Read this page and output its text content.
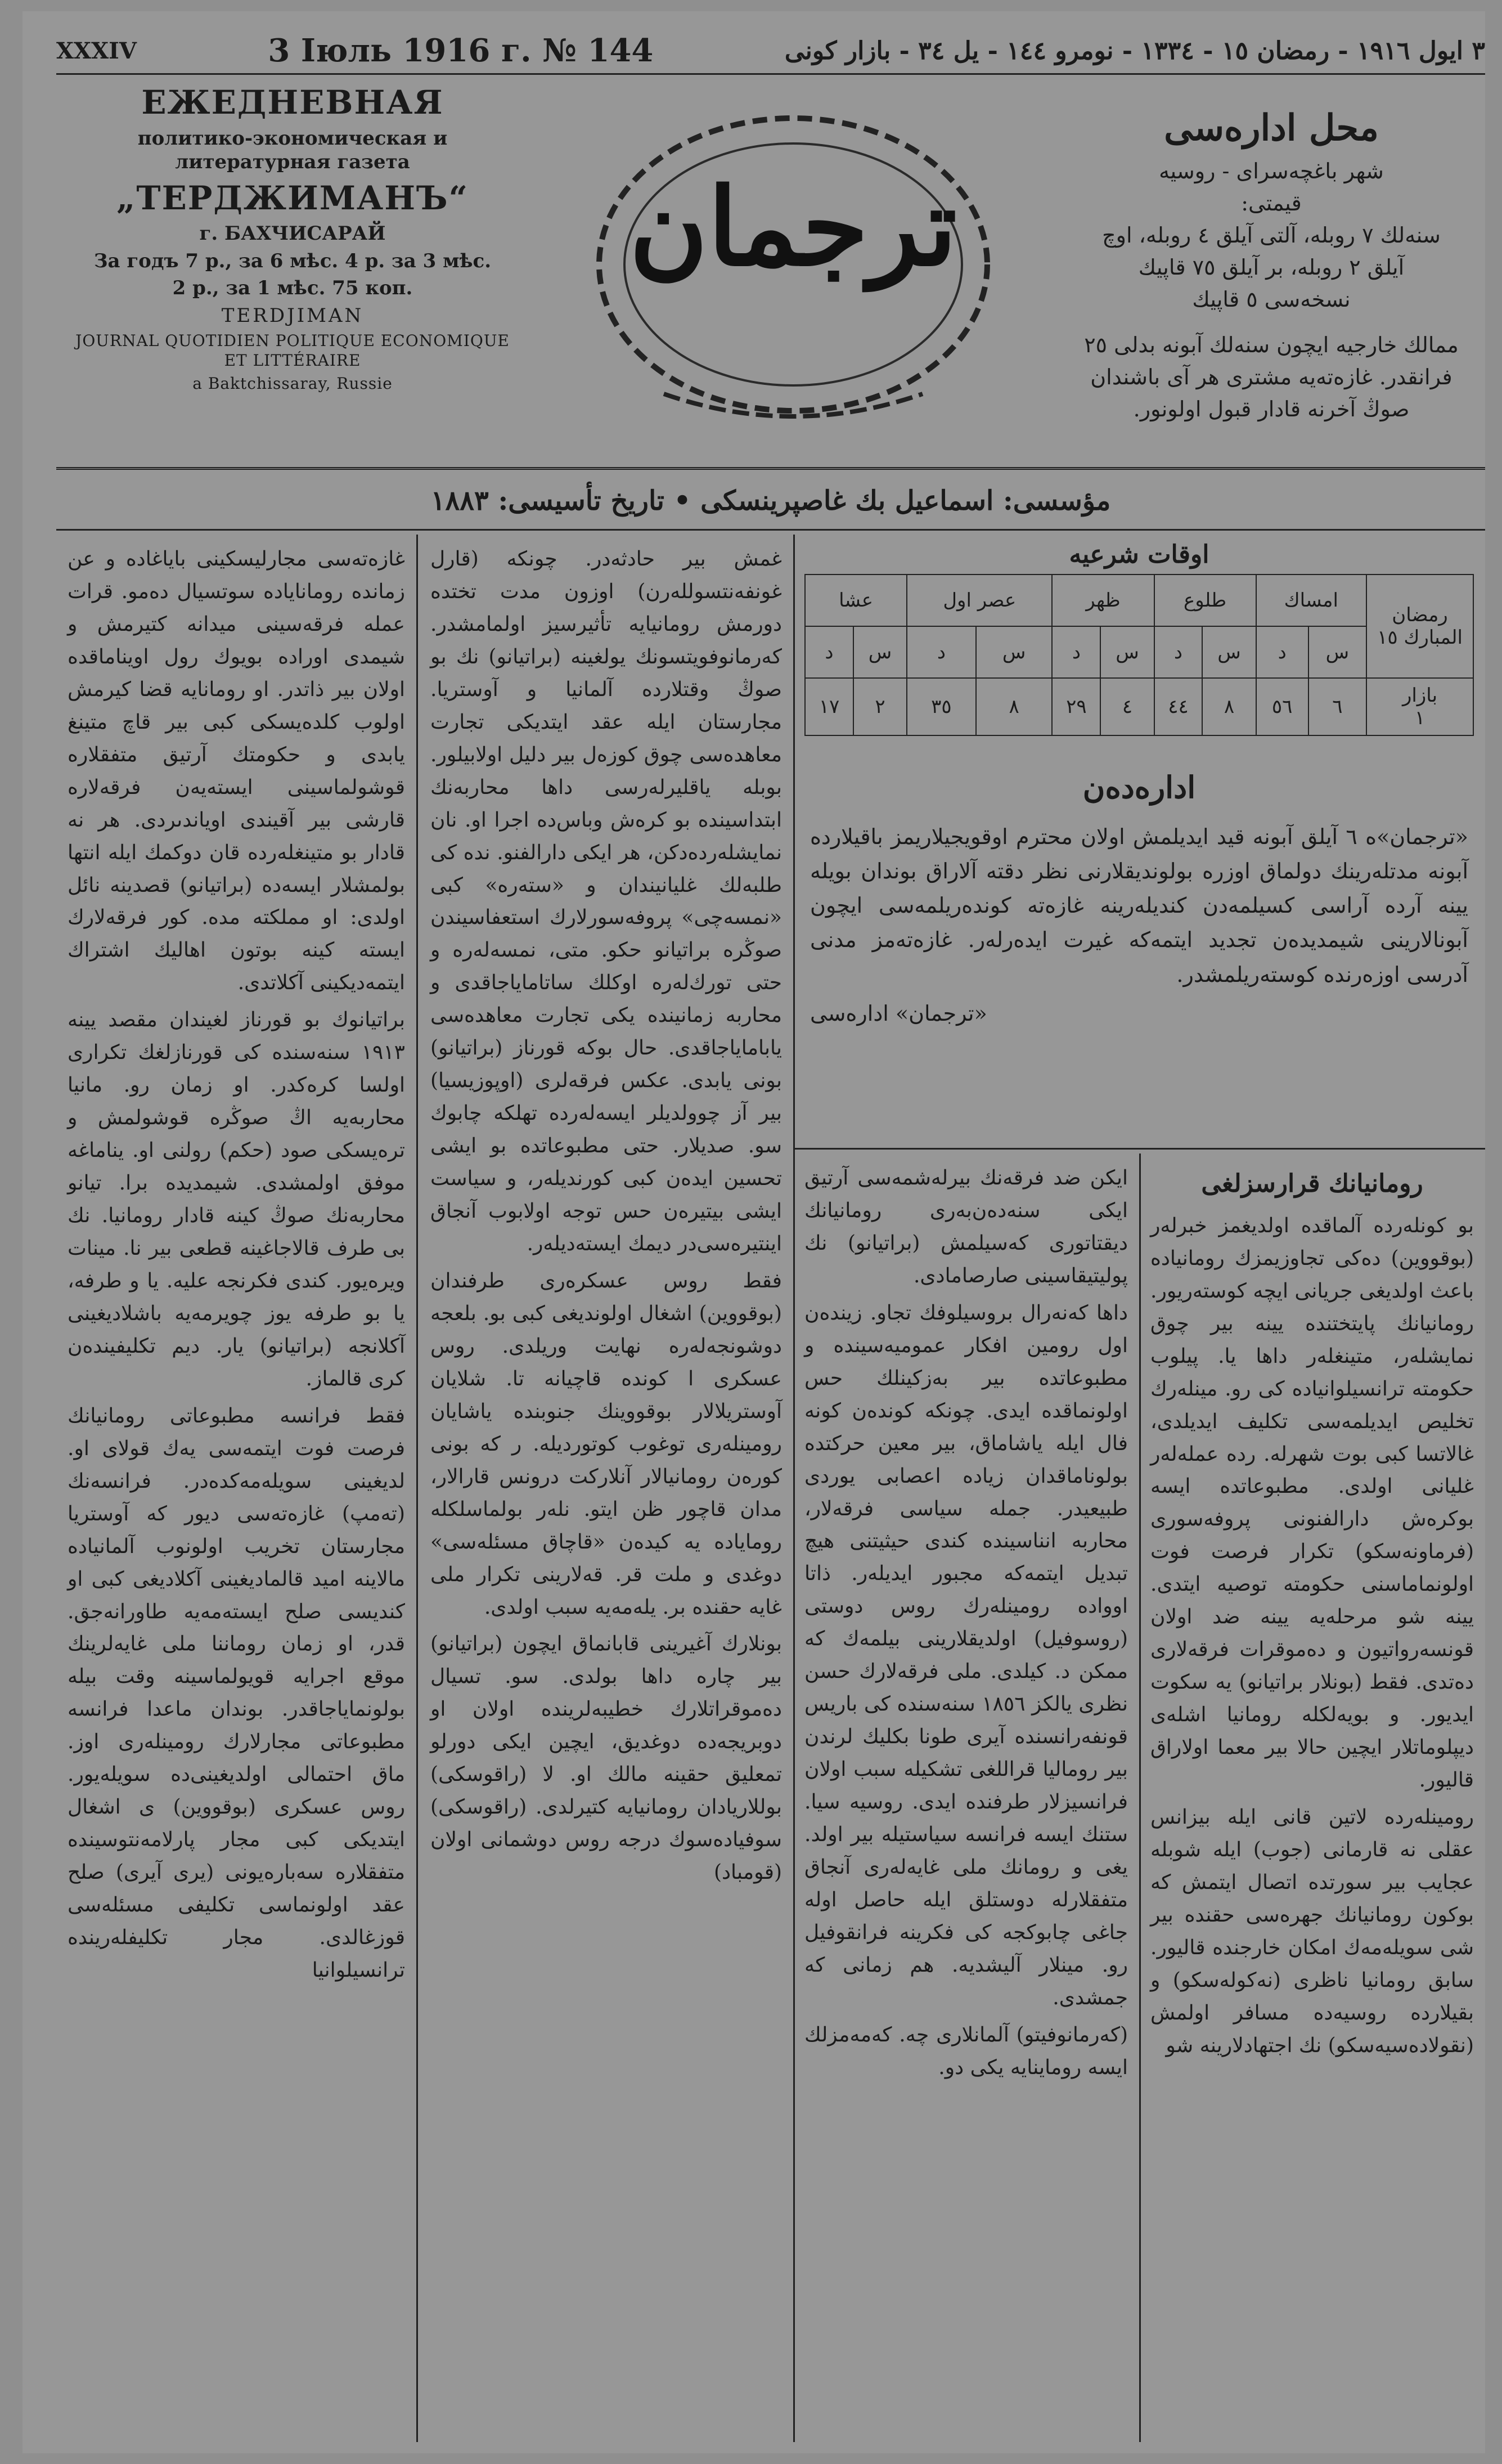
XXXIV	3 Іюль 1916 г. № 144	٣ ايول ١٩١٦ - رمضان ١٥ - ١٣٣٤ - نومرو ١٤٤ - يل ٣٤ - بازار كونى

ЕЖЕДНЕВНАЯ

политико-экономическая и литературная газета

„ТЕРДЖИМАНЪ“

г. БАХЧИСАРАЙ

За годъ 7 р., за 6 мѣс. 4 р. за 3 мѣс.

2 р., за 1 мѣс. 75 коп.

TERDJIMAN

JOURNAL QUOTIDIEN POLITIQUE ECONOMIQUE ET LITTÉRAIRE

a Baktchissaray, Russie

ترجمان
محل ادارەسى
شهر باغچەسراى - روسيه
قيمتى:
سنه‌لك ٧ روبله، آلتى آيلق ٤ روبله، اوچ
آيلق ٢ روبله، بر آيلق ٧٥ قاپيك
نسخه‌سى ٥ قاپيك
ممالك خارجيه ايچون سنه‌لك آبونه بدلى ٢٥
فرانقدر. غازه‌تەيه مشترى هر آى باشندان
صوڭ آخرنه قادار قبول اولونور.
مؤسسى: اسماعيل بك غاصپرينسكى • تاريخ تأسيسى: ١٨٨٣

غازه‌تەسى مجارليسكينى باياغادە و عن زمانده روماناياده سوتسيال دەمو. قرات عمله فرقەسينى ميدانه كتيرمش و شيمدى اورادە بويوك رول اويناماقدە اولان بير ذاتدر. او رومانايه قضا كيرمش اولوب كلدەيسكى كبى بير قاچ متينغ يابدى و حكومتك آرتيق متفقلارە قوشولماسينى ايستەيەن فرقەلارە قارشى بير آقيندى اوياندىردى. هر نه قادار بو متينغلەردە قان دوكمك ايله انتها بولمشلار ايسەدە (براتيانو) قصدينه نائل اولدى: او مملكته مدە. كور فرقەلارك ايسته كينه بوتون اهاليك اشتراك ايتمه‌دیكينى آكلاتدى.

براتيانوك بو قورناز لغيندان مقصد يينه ١٩١٣ سنه‌سنده كى قورنازلغك تكرارى اولسا كرەكدر. او زمان رو. مانيا محاربه‌يه اڭ صوڭره قوشولمش و تره‌يسكى صود (حكم) رولنى او. يناماغه موفق اولمشدى. شيمديدە برا. تيانو محاربه‌نك صوڭ كينه قادار رومانيا. نك بى طرف قالاجاغينه قطعى بير نا. مينات ويره‌يور. كندى فكرنجه عليه. يا و طرفه، يا بو طرفه يوز چويرمه‌يه باشلاديغينى آكلانجه (براتيانو) يار. ديم تكليفيندەن كرى قالماز.

فقط فرانسه مطبوعاتى رومانيانك فرصت فوت ايتمه‌سى يەك قولاى او. لديغينى سويله‌مه‌كدەدر. فرانسەنك (تەمپ) غازه‌تەسى ديور كه آوستريا مجارستان تخريب اولونوب آلمانيادە مالاينه اميد قالماديغينى آكلاديغى كبى او كنديسى صلح ايسته‌مه‌يه طاورانەجق. قدر، او زمان روماننا ملى غايه‌لرينك موقع اجرايه قويولماسينه وقت بيله بولونماياجاقدر. بوندان ماعدا فرانسه مطبوعاتى مجارلارك رومينلەرى اوز. ماق احتمالى اولديغينى‌ده سويلەيور. روس عسكرى (بوقووين) ى اشغال ايتدیكى كبى مجار پارلامه‌نتوسينده متفقلاره سەبارە‌یونى (يرى آيرى) صلح عقد اولونماسى تكليفى مسئله‌سى قوزغالدى. مجار تكليفلەريندە ترانسيلوانيا

غمش بير حادثه‌در. چونكه (قارل غونفه‌نتسولله‌رن) اوزون مدت تختده دورمش رومانيايه تأثيرسيز اولمامشدر. كەرمانوفويتسونك يولغينه (براتيانو) نك بو صوڭ وقتلاردە آلمانيا و آوستريا. مجارستان ايله عقد ايتديكى تجارت معاهده‌سى چوق كوزەل بير دليل اولابيلور. بوبله ياقليرلەرسى داها محاربه‌نك ابتداسينده بو كرەش وباس‌ده اجرا او. نان نمايشلەرده‌دكن، هر ايكى دارالفنو. نده كى طلبه‌لك غليانيندان و «ستەرە» كبى «نمسەچى» پروفه‌سورلارك استعفاسيندن صوڭره براتيانو حكو. متى، نمسەلەرە و حتى تورك‌لەرە اوكلك ساتاماياجاقدى و محاربه زمانينده يكى تجارت معاهده‌سى يابامایاجاقدى. حال بوكه قورناز (براتيانو) بونى يابدى. عكس فرقه‌لرى (اوپوزيسيا) بير آز چوولديلر ايسه‌لەردە تهلكه چابوك سو. صديلار. حتى مطبوعاتده بو ايشى تحسين ايدەن كبى كورنديلەر، و سياست ايشى بيتيره‌ن حس توجه اولابوب آنجاق اينتيره‌سى‌در ديمك ايسته‌دیلەر.

فقط روس عسكرەرى طرفندان (بوقووين) اشغال اولوندیغى كبى بو. بلعجه دوشونجه‌لەرە نهايت وريلدى. روس عسكرى ا كونده قاچيانه تا. شلايان آوستريلالار بوقووينك جنوبنده ياشايان رومينلەرى توغوب كوتوردیلە. ر كه بونى كورەن رومانيالار آنلاركت درونس قارالار، مدان قاچور ظن ايتو. نلەر بولماسلكله روماياده يه كيدەن «قاچاق مسئله‌سى» دوغدى و ملت قر. قەلارينى تكرار ملى غايه حقنده بر. يلەمه‌يه سبب اولدى.

بونلارك آغيرينى قابانماق ايچون (براتيانو) بير چاره داها بولدى. سو. تسيال ده‌موقراتلارك خطيبه‌لرينده اولان او دوبريجه‌ده دوغديق، ايچين ايكى دورلو تمعليق حقينه مالك او. لا (راقوسكى) بوللاريادان رومانيايه كتيرلدى. (راقوسكى) سوفياده‌سوك درجه روس دوشمانى اولان (قومباد)

اوقات شرعيه
رمضان المبارك ١٥	امساك		طلوع		ظهر		عصر اول		عشا	
	س	د	س	د	س	د	س	د	س	د
بازار
١	٦	٥٦	٨	٤٤	٤	٢٩	٨	٣٥	٢	١٧
ادارەدەن

«ترجمان»ه ٦ آيلق آبونه قيد ايديلمش اولان محترم اوقويجيلاريمز باقيلاردە آبونه مدتلەرينك دولماق اوزرە بولونديقلارنى نظر دقتە آلاراق بوندان بويله يينه آرده آراسى كسيلمه‌دن كنديلەرينه غازه‌تە كوندەريلمه‌سى ايچون آبونالارينى شيمديدەن تجديد ايتمه‌كه غيرت ايدەرلەر. غازه‌تەمز مدنى آدرسى اوزەرنده كوسته‌ريلمشدر.

«ترجمان» ادارەسى

رومانيانك قرارسزلغى

بو كونلەرده آلماقده اولديغمز خبرلەر (بوقووين) دەكى تجاوزیمزك رومانياده باعث اولديغى جريانى ايچه كوستەريور. رومانيانك پايتختنده يينه بير چوق نمايشلەر، متينغلەر داها يا. پيلوب حكومته ترانسيلوانياده كى رو. مينلەرك تخليص ايديلمه‌سى تكليف ايديلدى، غالاتسا كبى بوت شهرلە. رده عمله‌لەر غليانى اولدى. مطبوعاتده ايسه بوكرەش دارالفنونى پروفه‌سورى (فرماونەسكو) تكرار فرصت فوت اولونماماسنى حكومته توصيه ايتدى. يينه شو مرحله‌يه يينه ضد اولان قونسه‌رواتيون و دەموقرات فرقەلارى ده‌تدى. فقط (بونلار براتيانو) يه سكوت ايديور. و بويەلكله رومانيا اشله‌ى ديپلوماتلار ايچين حالا بير معما اولاراق قاليور.

رومينلەرده لاتين قانى ايله بيزانس عقلى نه قارمانى (جوب) ايله شوبله عجايب بير سورتده اتصال ايتمش كه بوكون رومانيانك جهرەسى حقنده بير شى سويلەمەك امكان خارجنده قاليور. سابق رومانيا ناظرى (نه‌كوله‌سكو) و بقيلارده روسيه‌ده مسافر اولمش (نقولادەسيه‌سكو) نك اجتهادلارينه شو

ايكن ضد فرقەنك بيرلەشمه‌سى آرتيق ايكى سنه‌دەن‌بەرى رومانيانك ديقتاتورى كەسيلمش (براتيانو) نك پوليتيقاسينى صارصامادى.

داها كەنەرال بروسيلوفك تجاو. زيندەن اول رومين افكار عموميه‌سينده و مطبوعاتده بير بەزكينلك حس اولونماقده ايدى. چونكه كوندەن كونه فال ايله ياشاماق، بير معين حركتده بولوناماقدان زيادە اعصابى يوردى طبيعيدر. جمله سياسى فرقەلار، محاربه انناسينده كندى حيثيتنى هيچ تبديل ايتمه‌كه مجبور ايدیلەر. ذاتا اووادە رومينلەرك روس دوستى (روسوفيل) اولديقلارينى بيلمه‌ك كه ممكن د. كيلدى. ملى فرقەلارك حسن نظرى يالكز ١٨٥٦ سنه‌سنده كى باريس قونفه‌رانسندە آيرى طونا بكليك لرندن بير روماليا قراللغى تشكيله سبب اولان فرانسيزلار طرفنده ايدى. روسيه سيا. ستنك ايسه فرانسه سياستيله بير اولد. يغى و رومانك ملى غايه‌لەرى آنجاق متفقلارله دوستلق ايله حاصل اوله جاغى چابوكجه كى فكرينه فرانقوفيل رو. مينلار آليشديه. هم زمانى كه جمشدى.

(كەرمانوفيتو) آلمانلارى چه. كەمه‌مزلك ايسه روماينايه يكى دو.
